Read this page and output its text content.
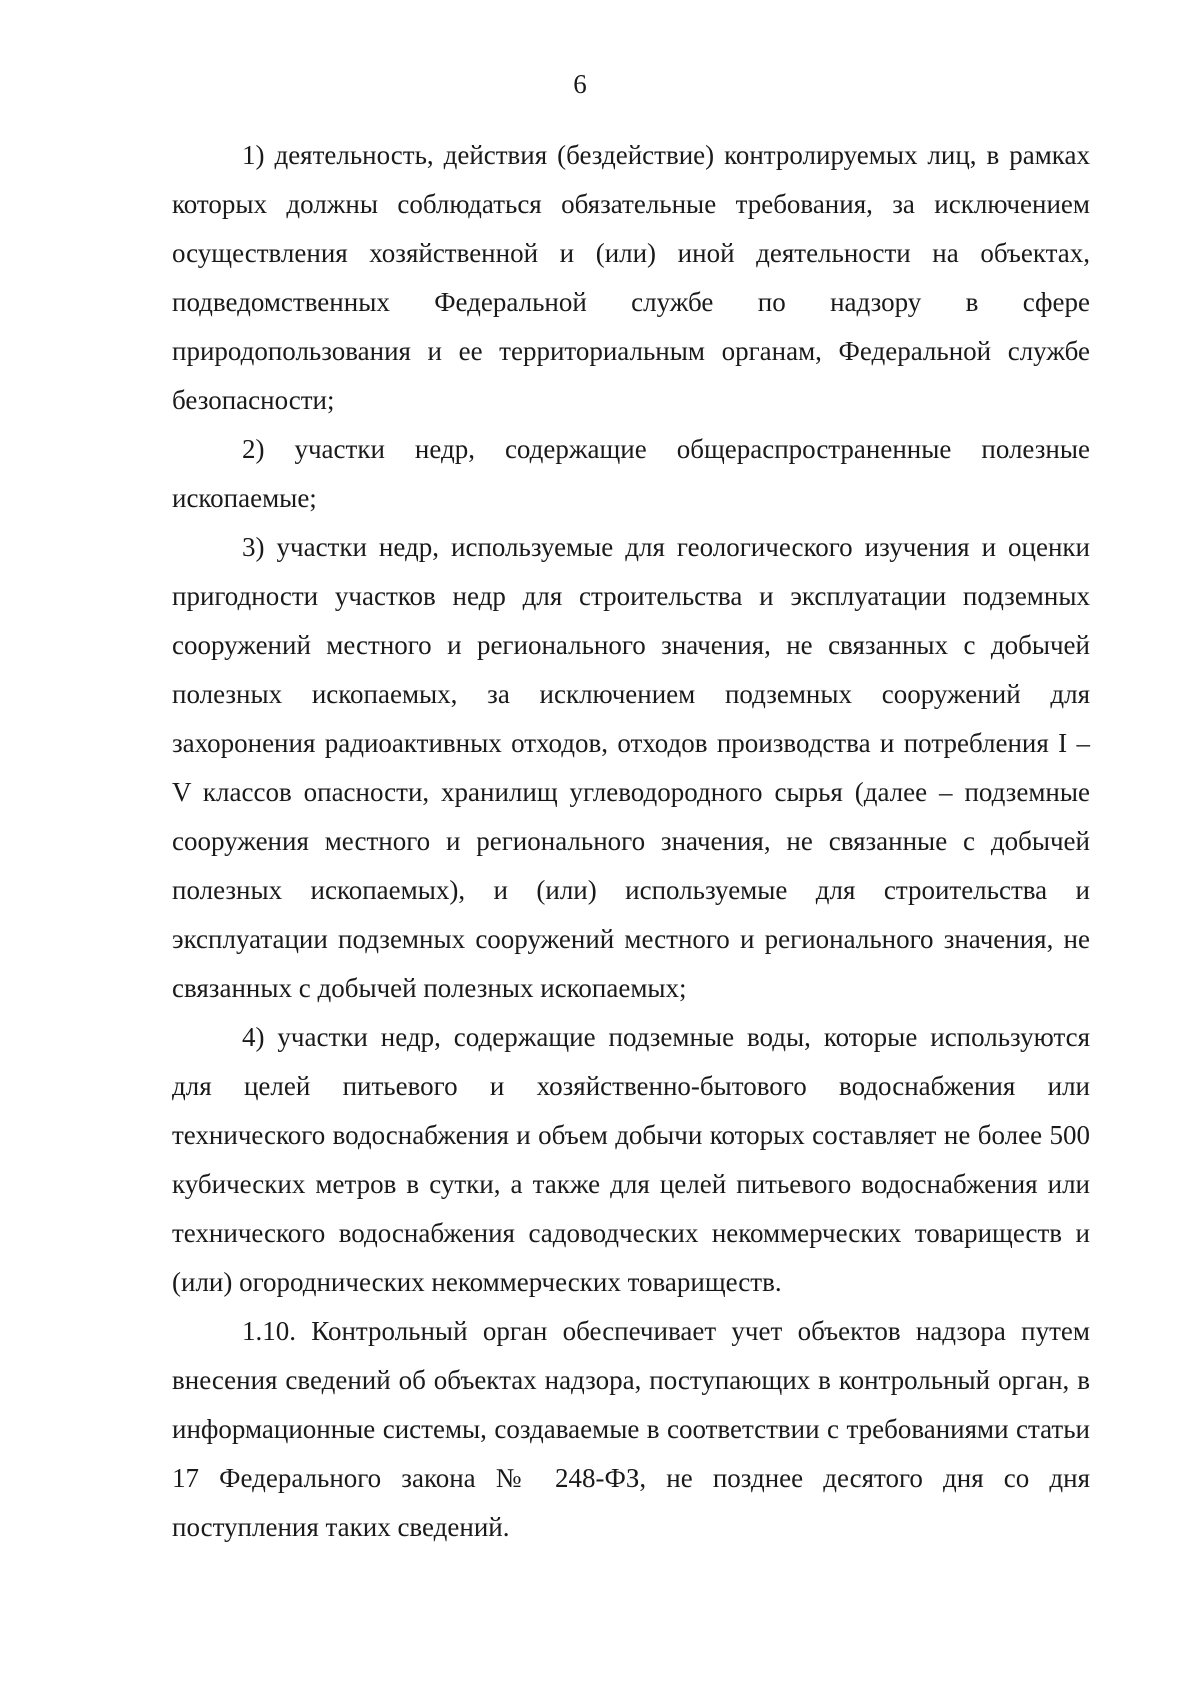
6

1) деятельность, действия (бездействие) контролируемых лиц, в рамках которых должны соблюдаться обязательные требования, за исключением осуществления хозяйственной и (или) иной деятельности на объектах, подведомственных Федеральной службе по надзору в сфере природопользования и ее территориальным органам, Федеральной службе безопасности;

2) участки недр, содержащие общераспространенные полезные ископаемые;

3) участки недр, используемые для геологического изучения и оценки пригодности участков недр для строительства и эксплуатации подземных сооружений местного и регионального значения, не связанных с добычей полезных ископаемых, за исключением подземных сооружений для захоронения радиоактивных отходов, отходов производства и потребления I – V классов опасности, хранилищ углеводородного сырья (далее – подземные сооружения местного и регионального значения, не связанные с добычей полезных ископаемых), и (или) используемые для строительства и эксплуатации подземных сооружений местного и регионального значения, не связанных с добычей полезных ископаемых;

4) участки недр, содержащие подземные воды, которые используются для целей питьевого и хозяйственно-бытового водоснабжения или технического водоснабжения и объем добычи которых составляет не более 500 кубических метров в сутки, а также для целей питьевого водоснабжения или технического водоснабжения садоводческих некоммерческих товариществ и (или) огороднических некоммерческих товариществ.

1.10. Контрольный орган обеспечивает учет объектов надзора путем внесения сведений об объектах надзора, поступающих в контрольный орган, в информационные системы, создаваемые в соответствии с требованиями статьи 17 Федерального закона № 248-ФЗ, не позднее десятого дня со дня поступления таких сведений.
